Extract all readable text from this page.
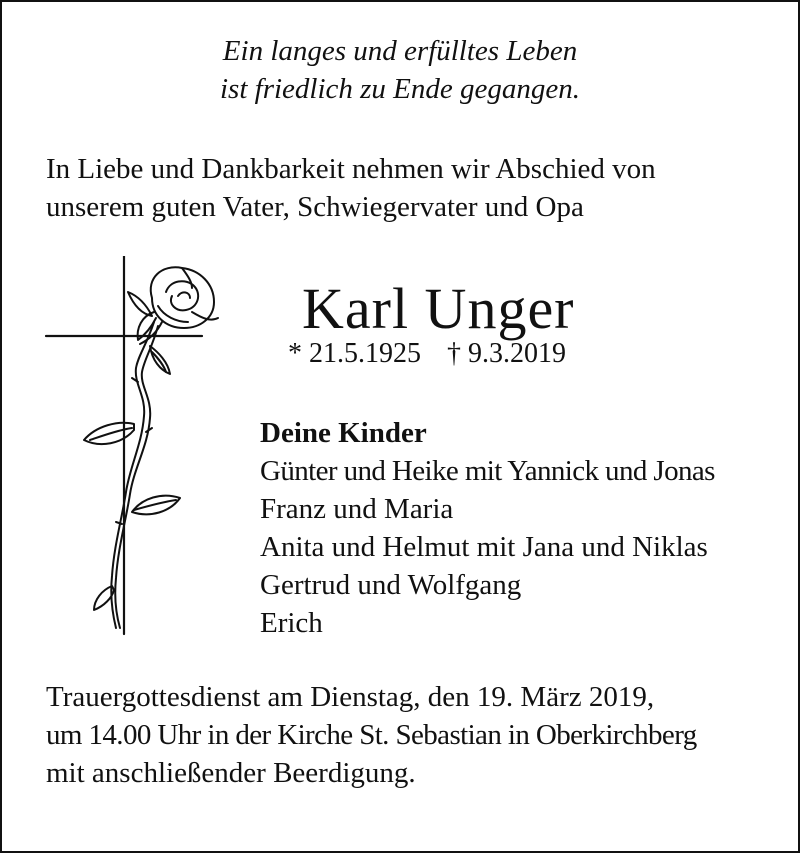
Ein langes und erfülltes Leben
ist friedlich zu Ende gegangen.
In Liebe und Dankbarkeit nehmen wir Abschied von
unserem guten Vater, Schwiegervater und Opa
Karl Unger
* 21.5.1925 † 9.3.2019
Deine Kinder
Günter und Heike mit Yannick und Jonas
Franz und Maria
Anita und Helmut mit Jana und Niklas
Gertrud und Wolfgang
Erich
Trauergottesdienst am Dienstag, den 19. März 2019,
um 14.00 Uhr in der Kirche St. Sebastian in Oberkirchberg
mit anschließender Beerdigung.
